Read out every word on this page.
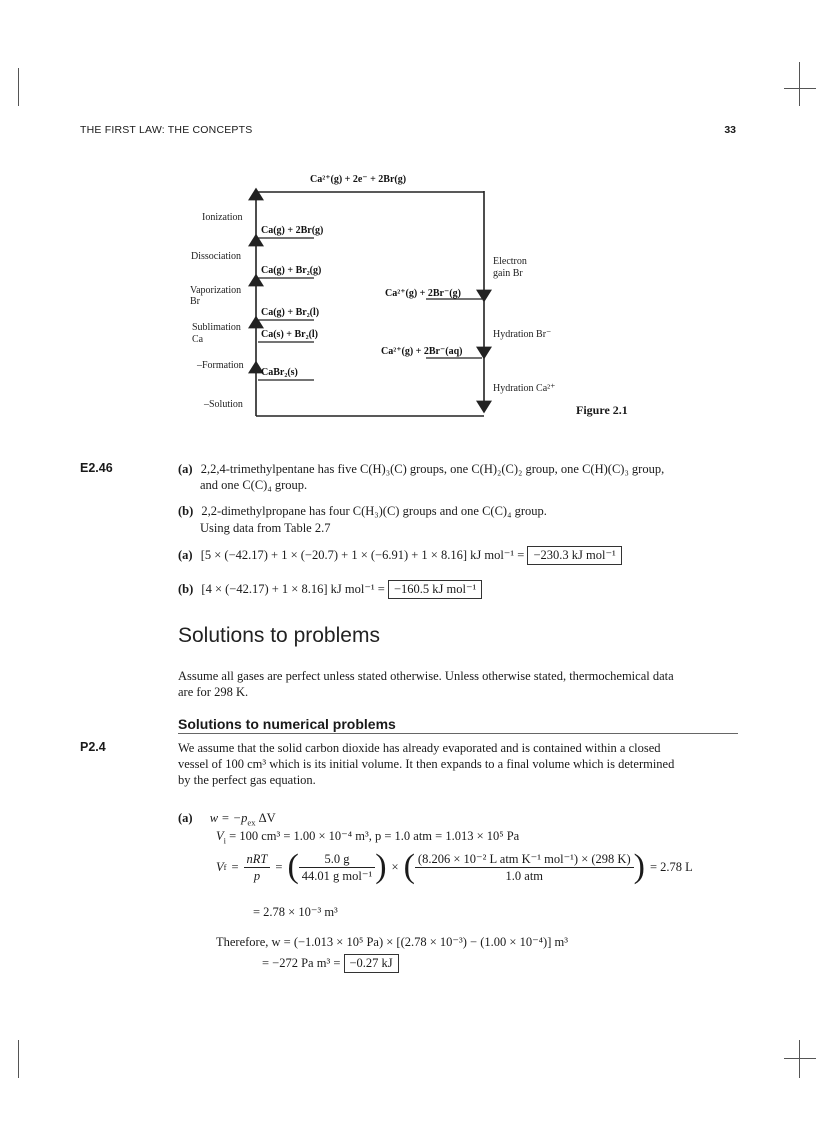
THE FIRST LAW: THE CONCEPTS	33
Ca²⁺(g) + 2e⁻ + 2Br(g)
Ca(g) + 2Br(g)
Ca(g) + Br₂(g)
Ca(g) + Br₂(l)
Ca(s) + Br₂(l)
CaBr₂(s)
Ionization
Dissociation
Vaporization
Br
Sublimation
Ca
–Formation
–Solution
Ca²⁺(g) + 2Br⁻(g)
Ca²⁺(g) + 2Br⁻(aq)
Electron
gain Br
Hydration Br⁻
Hydration Ca²⁺
Figure 2.1
E2.46	(a) 2,2,4-trimethylpentane has five C(H)₃(C) groups, one C(H)₂(C)₂ group, one C(H)(C)₃ group,
and one C(C)₄ group.
(b) 2,2-dimethylpropane has four C(H₃)(C) groups and one C(C)₄ group.
Using data from Table 2.7
(a) [5 × (−42.17) + 1 × (−20.7) + 1 × (−6.91) + 1 × 8.16] kJ mol⁻¹ = −230.3 kJ mol⁻¹
(b) [4 × (−42.17) + 1 × 8.16] kJ mol⁻¹ = −160.5 kJ mol⁻¹
Solutions to problems
Assume all gases are perfect unless stated otherwise. Unless otherwise stated, thermochemical data
are for 298 K.
Solutions to numerical problems
P2.4	We assume that the solid carbon dioxide has already evaporated and is contained within a closed
vessel of 100 cm³ which is its initial volume. It then expands to a final volume which is determined
by the perfect gas equation.
(a) $w = -p_{ex}$ ΔV
$V_i = 100$ cm³ = 1.00 × 10⁻⁴ m³, p = 1.0 atm = 1.013 × 10⁵ Pa
V $f = \frac{\text{nRT}}{p}$ = ( $\frac{5.0 g}{\text{44.01 g mol⁻¹}}$ ) × ( $\frac{\text{(8.206 × 10⁻² L atm K⁻¹ mol⁻¹) × (298 K)}}{\text{1.0 atm}}$ ) = 2.78 L
= 2.78 × 10⁻³ m³
Therefore, w = (−1.013 × 10⁵ Pa) × [(2.78 × 10⁻³) − (1.00 × 10⁻⁴)] m³
= −272 Pa m³ = −0.27 kJ
